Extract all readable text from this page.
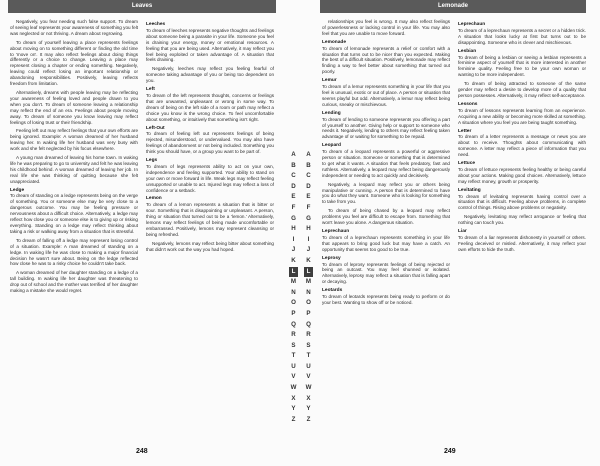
Leaves

Negatively, you fear needing such false support. To dream of seeing leaf represents your awareness of something you felt was neglected or not thriving. A dream about regrowing.

To dream of yourself leaving a place represents feelings about moving on to something different or finding the old time to 'move on'. It may also reflect feelings about doing things differently or a choice to change. Leaving a place may represent closing a chapter or ending something. Negatively, leaving could reflect losing an important relationship or abandoning responsibilities. Positively, leaving reflects freedom from limitation.

Alternatively, dreams with people leaving may be reflecting your awareness of feeling loved and people drawn to you when you don't. To dream of someone leaving a relationship may reflect the end of an era. Feelings about people moving away. To dream of someone you know leaving may reflect feelings of losing trust or their friendship.

Feeling left out may reflect feelings that your own efforts are being ignored. Example: A woman dreamed of her husband leaving her. In waking life her husband was very busy with work and she felt neglected by his focus elsewhere.

A young man dreamed of leaving his home town. In waking life he was preparing to go to university and felt he was leaving his childhood behind. A woman dreamed of leaving her job. In real life she was thinking of quitting because she felt unappreciated.

Ledge

To dream of standing on a ledge represents being on the verge of something. You or someone else may be very close to a dangerous outcome. You may be feeling pressure or nervousness about a difficult choice. Alternatively, a ledge may reflect how close you or someone else is to giving up or risking everything. Standing on a ledge may reflect thinking about taking a risk or walking away from a situation that is stressful.

To dream of falling off a ledge may represent losing control of a situation. Example: A man dreamed of standing on a ledge. In waking life he was close to making a major financial decision he wasn't sure about. Being on the ledge reflected how close he was to a risky choice he couldn't take back.

A woman dreamed of her daughter standing on a ledge of a tall building. In waking life her daughter was threatening to drop out of school and the mother was terrified of her daughter making a mistake she would regret.

Leeches

To dream of leeches represents negative thoughts and feelings about someone being a parasite in your life. Someone you feel is draining your energy, money or emotional resources. A feeling that you are being used. Alternatively, it may reflect you feel being exploited or taken advantage of. A situation that feels draining.

Negatively, leeches may reflect you feeling fearful of someone taking advantage of you or being too dependent on you.

Left

To dream of the left represents thoughts, concerns or feelings that are unwanted, unpleasant or wrong in some way. To dream of being on the left side of a room or path may reflect a choice you know is the wrong choice. To feel uncomfortable about something, or intuitively that something isn't right.

Left-Out

To dream of feeling left out represents feelings of being rejected, misunderstood, or undervalued. You may also have feelings of abandonment or not being included. Something you think you should have, or a group you want to be part of.

Legs

To dream of legs represents ability to act on your own, independence and feeling supported. Your ability to stand on your own or move forward in life. Weak legs may reflect feeling unsupported or unable to act. Injured legs may reflect a loss of confidence or a setback.

Lemon

To dream of a lemon represents a situation that is bitter or sour. Something that is disappointing or unpleasant. A person, thing or situation that turned out to be a 'lemon.' Alternatively, lemons may reflect feelings of being made uncomfortable or embarrassed. Positively, lemons may represent cleansing or being refreshed.

Negatively, lemons may reflect being bitter about something that didn't work out the way you had hoped.

A
B
C
D
E
F
G
H
I
J
K
L
M
N
O
P
Q
R
S
T
U
V
W
X
Y
Z
248
Lemonade

relationships you feel is wrong. It may also reflect feelings of powerlessness or lacking control in your life. You may also feel that you are unable to move forward.

Lemonade

To dream of lemonade represents a relief or comfort with a situation that turns out to be nicer than you expected. Making the best of a difficult situation. Positively, lemonade may reflect finding a way to feel better about something that turned out poorly.

Lemur

To dream of a lemur represents something in your life that you feel is unusual, exotic or out of place. A person or situation that seems playful but odd. Alternatively, a lemur may reflect being curious, sneaky or mischievous.

Lending

To dream of lending to someone represents you offering a part of yourself to another. Giving help or support to someone who needs it. Negatively, lending to others may reflect feeling taken advantage of or waiting for something to be repaid.

Leopard

To dream of a leopard represents a powerful or aggressive person or situation. Someone or something that is determined to get what it wants. A situation that feels predatory, fast and ruthless. Alternatively, a leopard may reflect being dangerously independent or needing to act quickly and decisively.

Negatively, a leopard may reflect you or others being manipulative or cunning. A person that is determined to have you do what they want. Someone who is looking for something to take from you.

To dream of being chased by a leopard may reflect problems you feel are difficult to escape from. Something that won't leave you alone. A dangerous situation.

Leprechaun

To dream of a leprechaun represents something in your life that appears to bring good luck but may have a catch. An opportunity that seems too good to be true.

Leprosy

To dream of leprosy represents feelings of being rejected or being an outcast. You may feel shunned or isolated. Alternatively, leprosy may reflect a situation that is falling apart or decaying.

Leotards

To dream of leotards represents being ready to perform or do your best. Wanting to show off or be noticed.

Leprechaun

To dream of a leprechaun represents a secret or a hidden trick. A situation that looks lucky at first but turns out to be disappointing. Someone who is clever and mischievous.

Lesbian

To dream of being a lesbian or seeing a lesbian represents a feminine aspect of yourself that is more interested in another feminine quality. Feeling free to be your own woman or wanting to be more independent.

To dream of being attracted to someone of the same gender may reflect a desire to develop more of a quality that person possesses. Alternatively, it may reflect self-acceptance.

Lessons

To dream of lessons represents learning from an experience. Acquiring a new ability or becoming more skilled at something. A situation where you feel you are being taught something.

Letter

To dream of a letter represents a message or news you are about to receive. Thoughts about communicating with someone. A letter may reflect a piece of information that you need.

Lettuce

To dream of lettuce represents feeling healthy or being careful about your actions. Making good choices. Alternatively, lettuce may reflect money, growth or prosperity.

Levitating

To dream of levitating represents having control over a situation that is difficult. Feeling above problems, in complete control of things. Rising above problems or negativity.

Negatively, levitating may reflect arrogance or feeling that nothing can touch you.

Liar

To dream of a liar represents dishonesty in yourself or others. Feeling deceived or misled. Alternatively, it may reflect your own efforts to hide the truth.

A
B
C
D
E
F
G
H
I
J
K
L
M
N
O
P
Q
R
S
T
U
V
W
X
Y
Z
249
